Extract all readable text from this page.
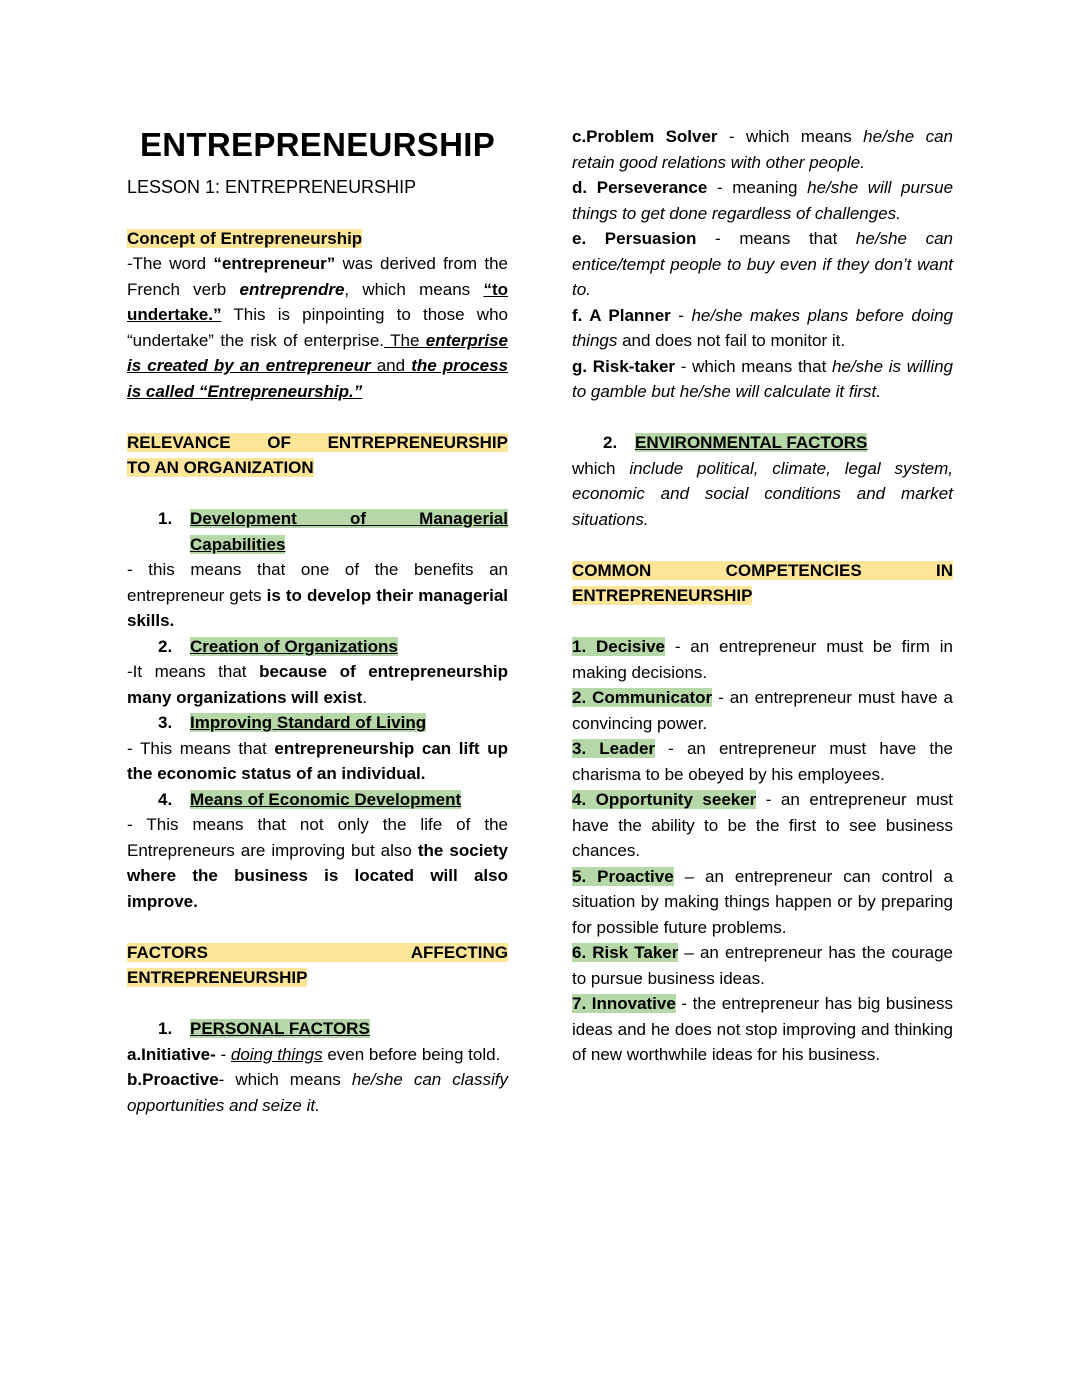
ENTREPRENEURSHIP
LESSON 1: ENTREPRENEURSHIP
Concept of Entrepreneurship
-The word “entrepreneur” was derived from the French verb entreprendre, which means “to undertake.” This is pinpointing to those who “undertake” the risk of enterprise. The enterprise is created by an entrepreneur and the process is called “Entrepreneurship.”
RELEVANCE OF ENTREPRENEURSHIP
TO AN ORGANIZATION
1. Development of Managerial
Capabilities
- this means that one of the benefits an entrepreneur gets is to develop their managerial skills.
2. Creation of Organizations
-It means that because of entrepreneurship many organizations will exist.
3. Improving Standard of Living
- This means that entrepreneurship can lift up the economic status of an individual.
4. Means of Economic Development
- This means that not only the life of the Entrepreneurs are improving but also the society where the business is located will also improve.
FACTORS AFFECTING
ENTREPRENEURSHIP
1. PERSONAL FACTORS
a.Initiative- - doing things even before being told.
b.Proactive- which means he/she can classify opportunities and seize it.
c.Problem Solver - which means he/she can retain good relations with other people.
d. Perseverance - meaning he/she will pursue things to get done regardless of challenges.
e. Persuasion - means that he/she can entice/tempt people to buy even if they don’t want to.
f. A Planner - he/she makes plans before doing things and does not fail to monitor it.
g. Risk-taker - which means that he/she is willing to gamble but he/she will calculate it first.
2. ENVIRONMENTAL FACTORS
which include political, climate, legal system, economic and social conditions and market situations.
COMMON COMPETENCIES IN
ENTREPRENEURSHIP
1. Decisive - an entrepreneur must be firm in making decisions.
2. Communicator - an entrepreneur must have a convincing power.
3. Leader - an entrepreneur must have the charisma to be obeyed by his employees.
4. Opportunity seeker - an entrepreneur must have the ability to be the first to see business chances.
5. Proactive – an entrepreneur can control a situation by making things happen or by preparing for possible future problems.
6. Risk Taker – an entrepreneur has the courage to pursue business ideas.
7. Innovative - the entrepreneur has big business ideas and he does not stop improving and thinking of new worthwhile ideas for his business.
